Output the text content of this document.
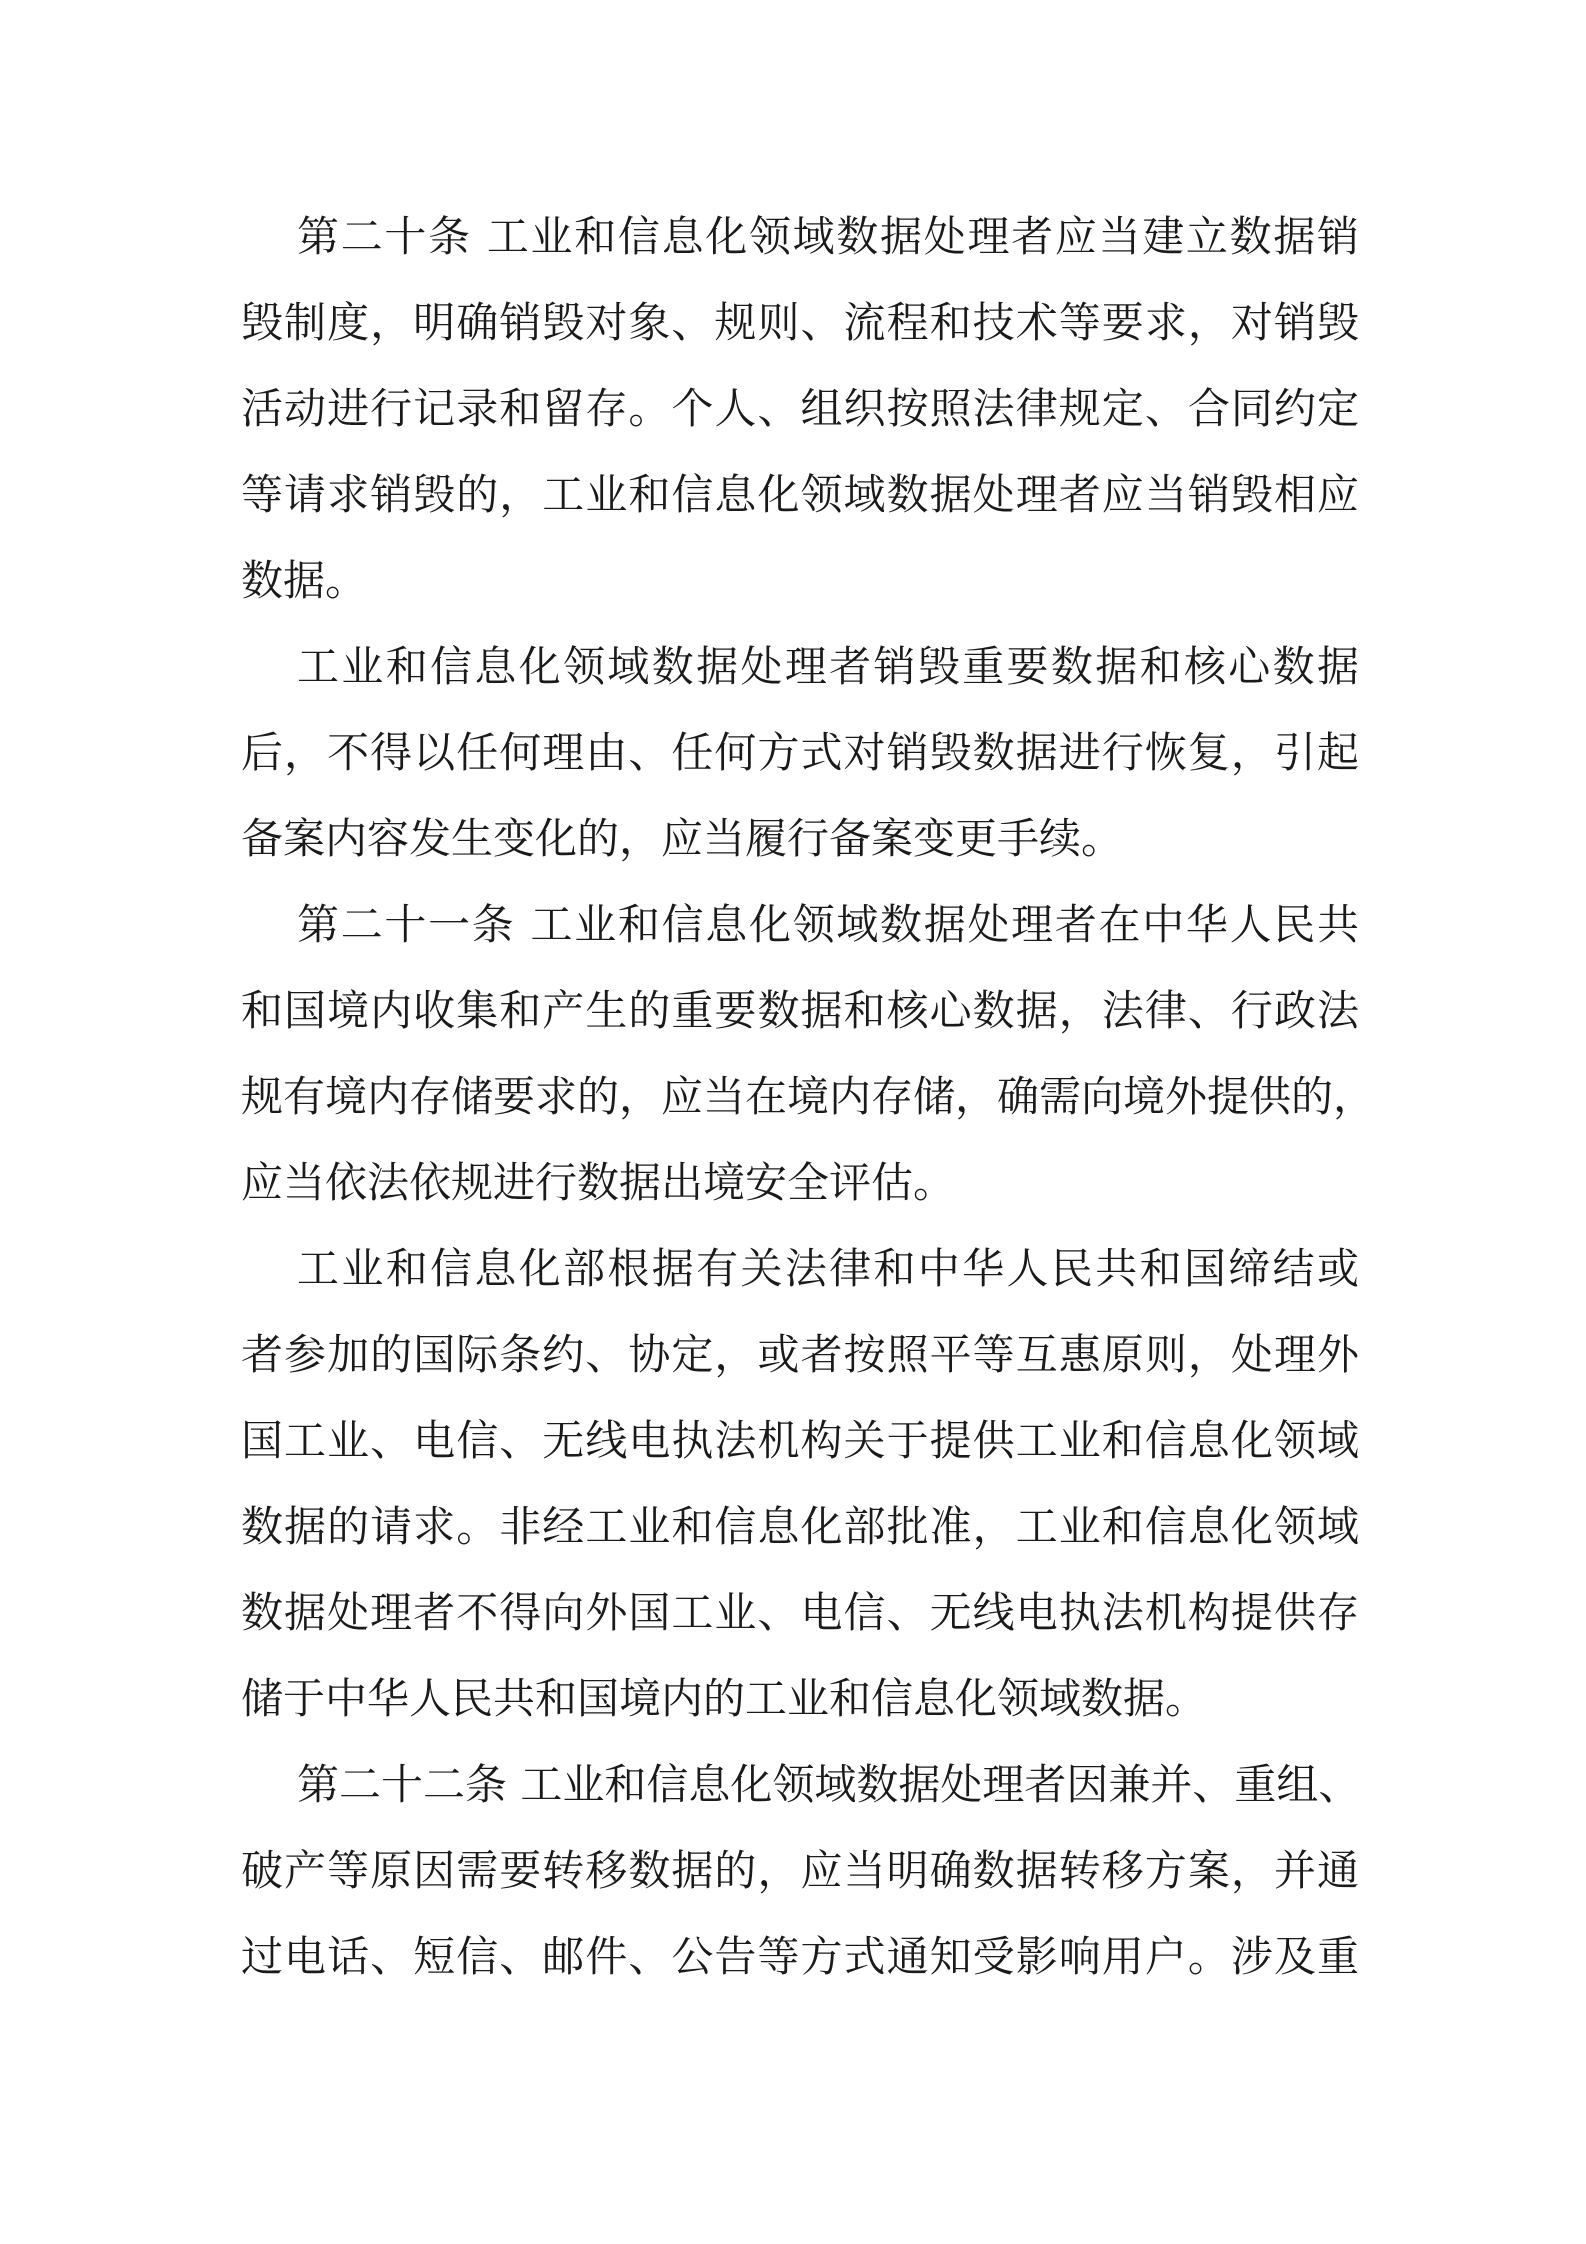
第二十条 工业和信息化领域数据处理者应当建立数据销
毁制度，明确销毁对象、规则、流程和技术等要求，对销毁
活动进行记录和留存。个人、组织按照法律规定、合同约定
等请求销毁的，工业和信息化领域数据处理者应当销毁相应
数据。
工业和信息化领域数据处理者销毁重要数据和核心数据
后，不得以任何理由、任何方式对销毁数据进行恢复，引起
备案内容发生变化的，应当履行备案变更手续。
第二十一条 工业和信息化领域数据处理者在中华人民共
和国境内收集和产生的重要数据和核心数据，法律、行政法
规有境内存储要求的，应当在境内存储，确需向境外提供的，
应当依法依规进行数据出境安全评估。
工业和信息化部根据有关法律和中华人民共和国缔结或
者参加的国际条约、协定，或者按照平等互惠原则，处理外
国工业、电信、无线电执法机构关于提供工业和信息化领域
数据的请求。非经工业和信息化部批准，工业和信息化领域
数据处理者不得向外国工业、电信、无线电执法机构提供存
储于中华人民共和国境内的工业和信息化领域数据。
第二十二条 工业和信息化领域数据处理者因兼并、重组、
破产等原因需要转移数据的，应当明确数据转移方案，并通
过电话、短信、邮件、公告等方式通知受影响用户。涉及重
